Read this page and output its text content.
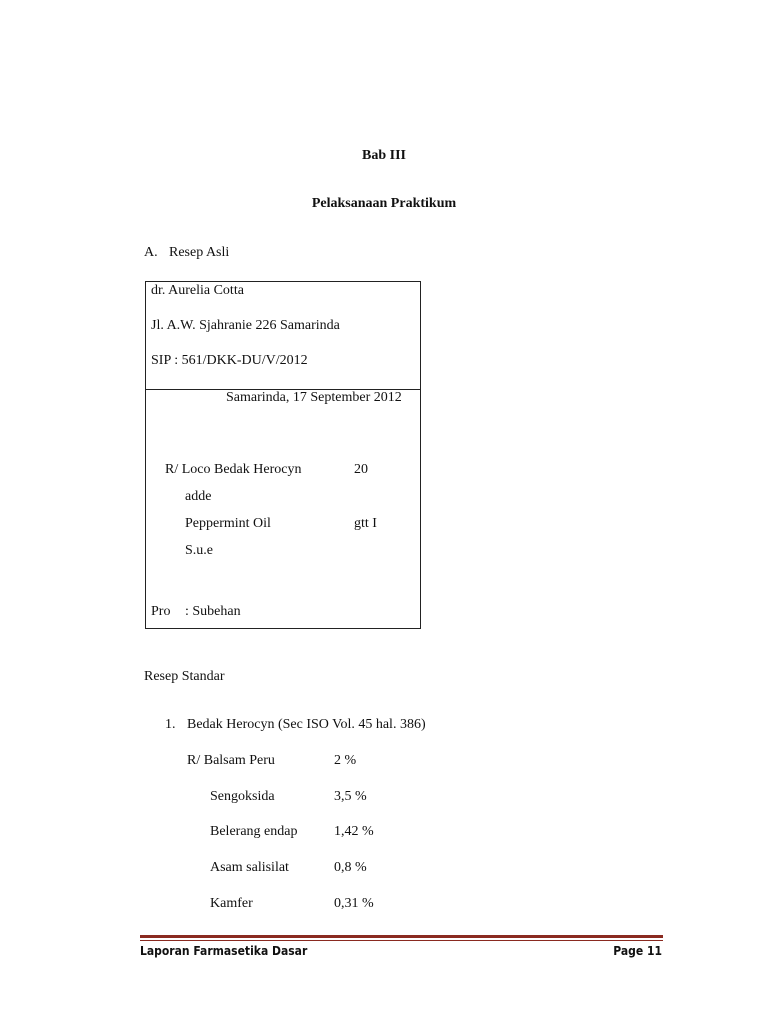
Bab III
Pelaksanaan Praktikum
A. Resep Asli
dr. Aurelia Cotta
Jl. A.W. Sjahranie 226 Samarinda
SIP : 561/DKK-DU/V/2012
Samarinda, 17 September 2012
R/ Loco Bedak Herocyn	20
adde
Peppermint Oil	gtt I
S.u.e
Pro : Subehan
Resep Standar
1. Bedak Herocyn (Sec ISO Vol. 45 hal. 386)
R/ Balsam Peru	2 %
Sengoksida	3,5 %
Belerang endap	1,42 %
Asam salisilat	0,8 %
Kamfer	0,31 %
Laporan Farmasetika Dasar	Page 11
